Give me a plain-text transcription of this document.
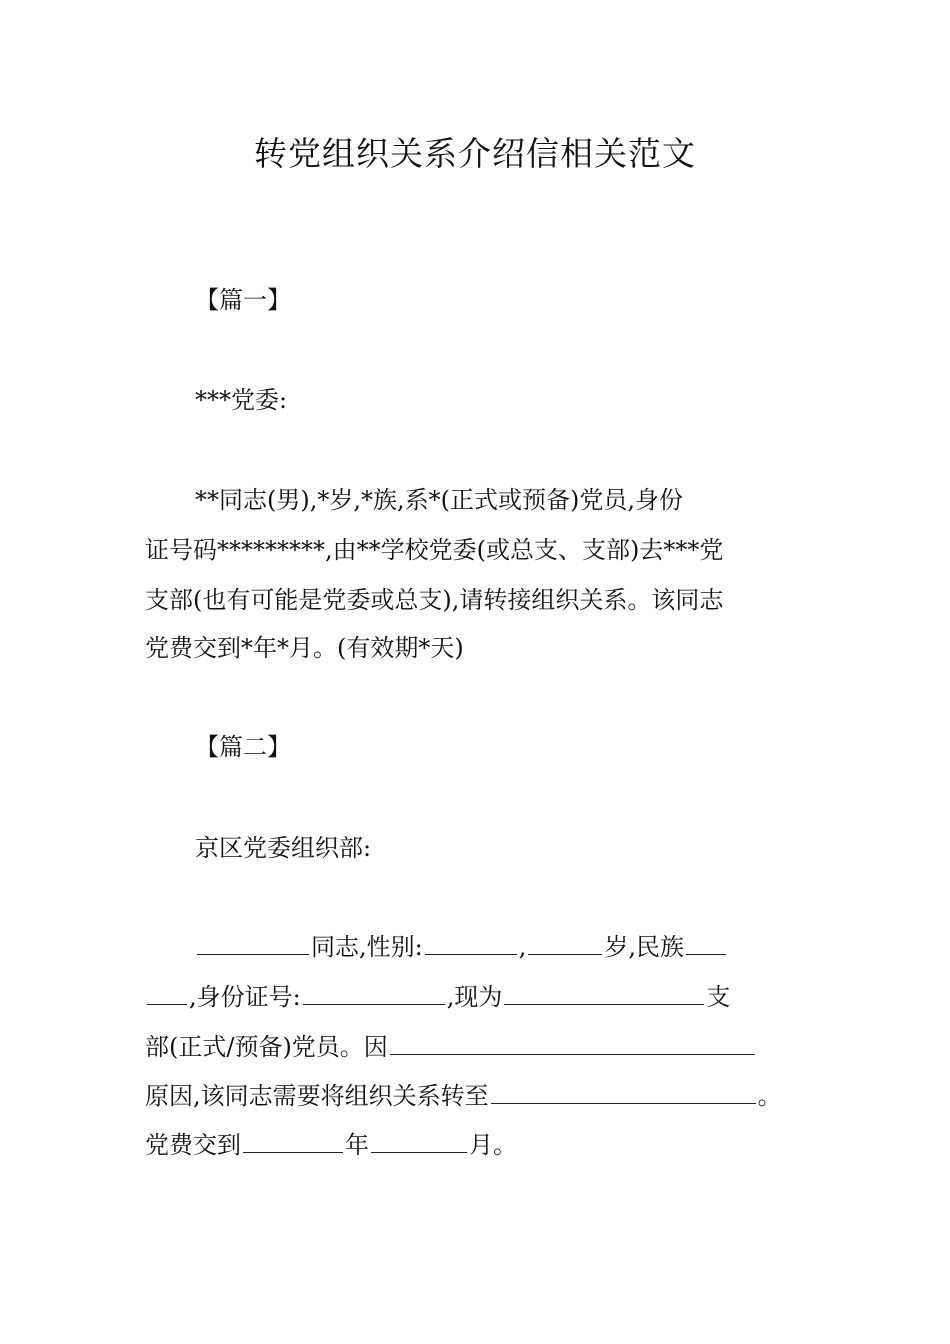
转党组织关系介绍信相关范文
【篇一】
***党委:
**同志(男),*岁,*族,系*(正式或预备)党员,身份
证号码*********,由**学校党委(或总支、支部)去***党
支部(也有可能是党委或总支),请转接组织关系。该同志
党费交到*年*月。(有效期*天)
【篇二】
京区党委组织部:
同志,性别:	,	岁,民族
,身份证号:	,现为	支
部(正式/预备)党员。因
原因,该同志需要将组织关系转至	。
党费交到	年	月。
